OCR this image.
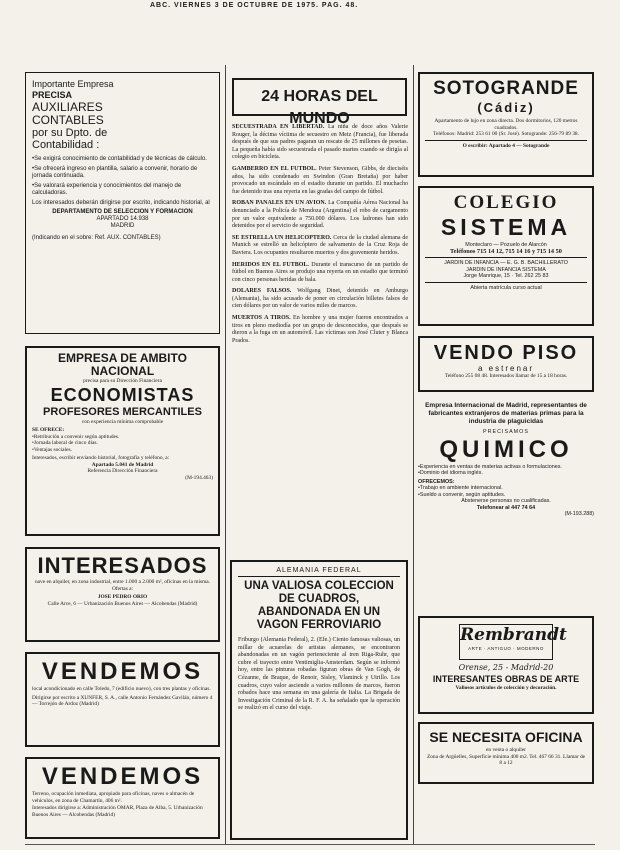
ABC. VIERNES 3 DE OCTUBRE DE 1975. PAG. 48.
Importante Empresa
PRECISA
AUXILIARES
CONTABLES
por su Dpto. de
Contabilidad :
• Se exigirá conocimiento de contabilidad y de técnicas de cálculo.
• Se ofrecerá ingreso en plantilla, salario a convenir, horario de jornada continuada.
• Se valorará experiencia y conocimientos del manejo de calculadoras.
Los interesados deberán dirigirse por escrito, indicando historial, al
DEPARTAMENTO DE SELECCION Y FORMACION
APARTADO 14.938
MADRID
(Indicando en el sobre: Ref. AUX. CONTABLES)
EMPRESA DE AMBITO
NACIONAL
precisa para su Dirección Financiera
ECONOMISTAS
PROFESORES MERCANTILES
con experiencia mínima comprobable
SE OFRECE:
• Retribución a convenir según aptitudes.
• Jornada laboral de cinco días.
• Ventajas sociales.
Interesados, escribir enviando historial, fotografía y teléfono, a:
Apartado 5.041 de Madrid
Referencia Dirección Financiera
(M-194.463)
INTERESADOS
nave en alquiler, en zona industrial, entre 1.000 a 2.000 m², oficinas en la misma. Ofertas a:
JOSE PEDRO ORIO
Calle Arce, 6 — Urbanización Buenos Aires — Alcobendas (Madrid)
VENDEMOS
local acondicionado en calle Toledo, 7 (edificio nuevo), con tres plantas y oficinas.
Dirigirse por escrito a XUNFER, S. A., calle Antonio Fernández Gavilán, número 4 — Torrejón de Ardoz (Madrid)
VENDEMOS
Terreno, ocupación inmediata, apropiado para oficinas, naves o almacén de vehículos, en zona de Chamartín, 406 m².
Interesados dirigirse a: Administración OMAR, Plaza de Alba, 5. Urbanización Buenos Aires — Alcobendas (Madrid)
24 HORAS DEL MUNDO

SECUESTRADA EN LIBERTAD. La niña de doce años Valerie Rouger, la décima víctima de secuestro en Metz (Francia), fue liberada después de que sus padres pagaran un rescate de 25 millones de pesetas. La pequeña había sido secuestrada el pasado martes cuando se dirigía al colegio en bicicleta.

GAMBERRO EN EL FUTBOL. Peter Stevenson, Gibbs, de dieciséis años, ha sido condenado en Swindon (Gran Bretaña) por haber provocado un escándalo en el estadio durante un partido. El muchacho fue detenido tras una reyerta en las gradas del campo de fútbol.

ROBAN PANALES EN UN AVION. La Compañía Aérea Nacional ha denunciado a la Policía de Mendoza (Argentina) el robo de cargamento por un valor equivalente a 750.000 dólares. Los ladrones han sido detenidos por el servicio de seguridad.

SE ESTRELLA UN HELICOPTERO. Cerca de la ciudad alemana de Munich se estrelló un helicóptero de salvamento de la Cruz Roja de Baviera. Los ocupantes resultaron muertos y dos gravemente heridos.

HERIDOS EN EL FUTBOL. Durante el transcurso de un partido de fútbol en Buenos Aires se produjo una reyerta en un estadio que terminó con cinco personas heridas de bala.

DOLARES FALSOS. Wolfgang Dinet, detenido en Amburgo (Alemania), ha sido acusado de poner en circulación billetes falsos de cien dólares por un valor de varios miles de marcos.

MUERTOS A TIROS. En hombre y una mujer fueron encontrados a tiros en pleno mediodía por un grupo de desconocidos, que después se dieron a la fuga en un automóvil. Las víctimas son José Cluter y Blanca Prados.

ALEMANIA FEDERAL
UNA VALIOSA COLECCION DE CUADROS, ABANDONADA EN UN VAGON FERROVIARIO
Friburgo (Alemania Federal), 2. (Efe.) Ciento famosas valiosas, un millar de acuarelas de artistas alemanes, se encontraron abandonadas en un vagón perteneciente al tren Riga-Ruhr, que cubre el trayecto entre Ventimiglia-Amsterdam. Según se informó hoy, entre las pinturas robadas figuran obras de Van Gogh, de Cézanne, de Braque, de Renoir, Sisley, Vlaminck y Utrillo. Los cuadros, cuyo valor asciende a varios millones de marcos, fueron robados hace una semana en una galería de Italia. La Brigada de Investigación Criminal de la R. F. A. ha señalado que la operación se realizó en el curso del viaje.
SOTOGRANDE
(Cádiz)
Apartamento de lujo en zona directa. Dos dormitorios, 120 metros cuadrados.
Teléfonos: Madrid: 253 61 00 (Sr. José). Sotogrande: 256-79 89 38.
O escribir: Apartado 4 — Sotogrande
COLEGIO
SISTEMA
Monteclaro — Pozuelo de Alarcón
Teléfonos 715 14 12, 715 14 16 y 715 14 50
JARDIN DE INFANCIA — E. G. B. BACHILLERATO
JARDIN DE INFANCIA SISTEMA
Jorge Manrique, 15 · Tel. 262 25 83
Abierta matrícula curso actual
VENDO PISO
a estrenar
Teléfono 255 08 48. Interesados llamar de 15 a 18 horas.
Empresa Internacional de Madrid, representantes de fabricantes extranjeros de materias primas para la industria de plaguicidas
PRECISAMOS
QUIMICO
• Experiencia en ventas de materias activas o formulaciones.
• Dominio del idioma inglés.
OFRECEMOS:
• Trabajo en ambiente internacional.
• Sueldo a convenir, según aptitudes.
Abstenerse personas no cualificadas.
Telefonear al 447 74 64
(M-193.288)
Rembrandt
ARTE · ANTIGUO · MODERNO
Orense, 25 - Madrid-20
INTERESANTES OBRAS DE ARTE
Valiosos artículos de colección y decoración.
SE NECESITA OFICINA
en venta o alquiler
Zona de Argüelles, Superficie mínima 400 m2. Tel. 467 66 31. Llamar de 8 a 12
